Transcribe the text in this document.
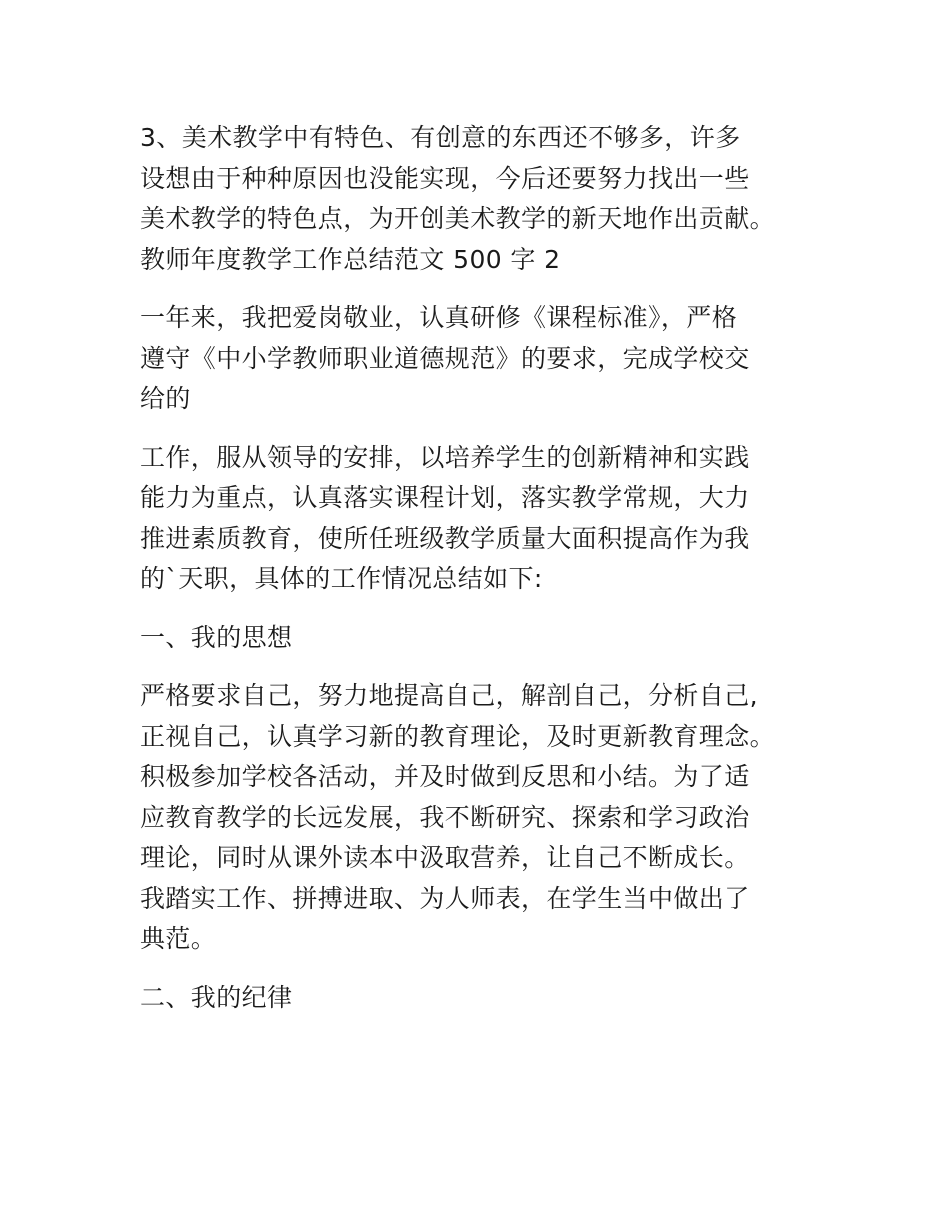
3、美术教学中有特色、有创意的东西还不够多，许多
设想由于种种原因也没能实现，今后还要努力找出一些
美术教学的特色点，为开创美术教学的新天地作出贡献。
教师年度教学工作总结范文 500 字 2
一年来，我把爱岗敬业，认真研修《课程标准》，严格
遵守《中小学教师职业道德规范》的要求，完成学校交
给的
工作，服从领导的安排，以培养学生的创新精神和实践
能力为重点，认真落实课程计划，落实教学常规，大力
推进素质教育，使所任班级教学质量大面积提高作为我
的`天职，具体的工作情况总结如下:
一、我的思想
严格要求自己，努力地提高自己，解剖自己，分析自己,
正视自己，认真学习新的教育理论，及时更新教育理念。
积极参加学校各活动，并及时做到反思和小结。为了适
应教育教学的长远发展，我不断研究、探索和学习政治
理论，同时从课外读本中汲取营养，让自己不断成长。
我踏实工作、拼搏进取、为人师表，在学生当中做出了
典范。
二、我的纪律
